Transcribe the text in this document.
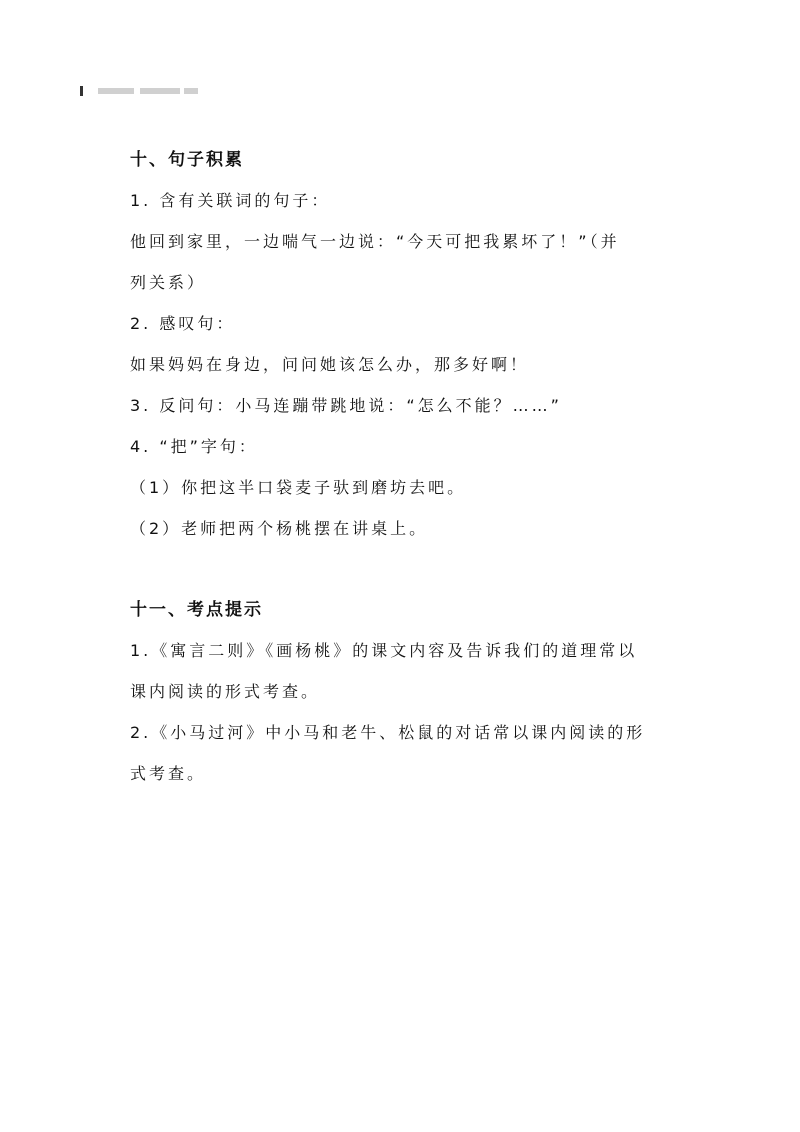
十、句子积累

1. 含有关联词的句子：

他回到家里，一边喘气一边说：“今天可把我累坏了！”（并

列关系）

2. 感叹句：

如果妈妈在身边，问问她该怎么办，那多好啊！

3. 反问句：小马连蹦带跳地说：“怎么不能？……”

4. “把”字句：

（1）你把这半口袋麦子驮到磨坊去吧。

（2）老师把两个杨桃摆在讲桌上。

十一、考点提示

1.《寓言二则》《画杨桃》的课文内容及告诉我们的道理常以

课内阅读的形式考查。

2.《小马过河》中小马和老牛、松鼠的对话常以课内阅读的形

式考查。
